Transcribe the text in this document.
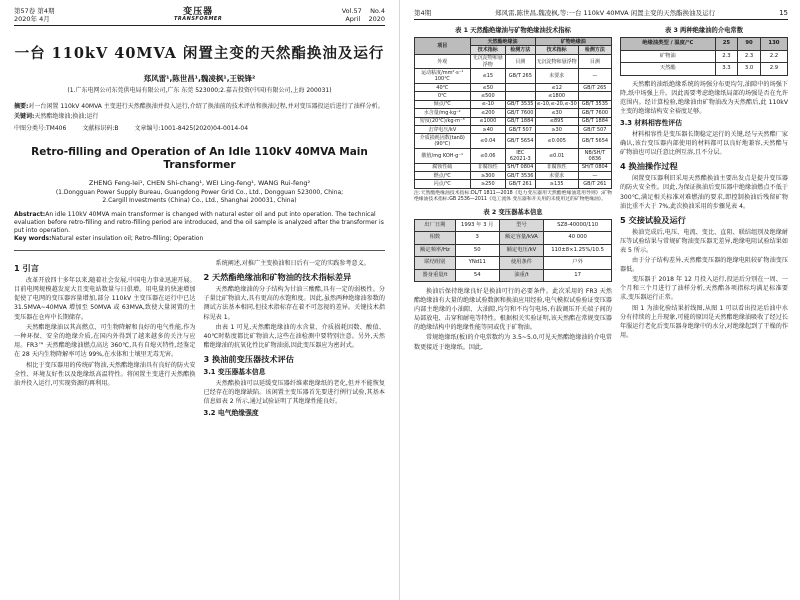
第57卷 第4期
2020年 4月
变压器
TRANSFORMER
Vol.57 No.4
April 2020
一台 110kV 40MVA 闲置主变的天然酯换油及运行
郑风雷¹,陈世昌¹,魏凌枫¹,王锐锋²
(1.广东电网公司东莞供电局有限公司,广东 东莞 523000;2.嘉吉投资(中国)有限公司,上海 200031)
摘要:对一台闲置 110kV 40MVA 主变进行天然酯换油并投入运行,介绍了换油前的技术评估和换油过程,并对变压器投运后进行了油样分析。
关键词:天然酯绝缘油;换油;运行
中图分类号:TM406	文献标识码:B	文章编号:1001-8425(2020)04-0014-04
Retro-filling and Operation of An Idle 110kV 40MVA Main Transformer
ZHENG Feng-lei¹, CHEN Shi-chang¹, WEI Ling-feng¹, WANG Rui-feng²
(1.Dongguan Power Supply Bureau, Guangdong Power Grid Co., Ltd., Dongguan 523000, China;
2.Cargill Investments (China) Co., Ltd., Shanghai 200031, China)
Abstract:An idle 110kV 40MVA main transformer is changed with natural ester oil and put into operation. The technical evaluation before retro-filling and retro-filling period are introduced, and the oil sample is analyzed after the transformer is put into operation.
Key words:Natural ester insulation oil; Retro-filling; Operation
1 引言

改革开放四十多年以来,随着社会发展,中国电力事业迅速开展。目前电网规模越发庞大且变电站数量与日俱增。用电量的快速增加促使了电网的变压器容量增加,部分 110kV 主变压器在运行中已达 31.5MVA~40MVA 增加至 50MVA 或 63MVA,致使大量闲置的主变压器在仓库中长期储存。

天然酯绝缘油以其高燃点、可生物降解和良好的电气性能,作为一种环保、安全的绝缘介质,在国内外得到了越来越多的关注与应用。FR3™ 天然酯绝缘油燃点高达 360℃,具有自熄灭特性,经鉴定在 28 天内生物降解率可达 99%,在水体和土壤里无毒无害。

相比于变压器用的传统矿物油,天然酯绝缘油具有良好的防火安全性、环境友好性以及绝缘纸高温特性。将闲置主变进行天然酯换油并投入运行,可实现资源的再利用。

系统阐述,对推广主变换油和日后有一定的实践参考意义。

2 天然酯绝缘油和矿物油的技术指标差异

天然酯绝缘油的分子结构为甘油三酸酯,具有一定的弱极性。分子量比矿物油大,具有更高的水饱和度。因此,虽然两种绝缘油参数的测试方法基本相同,但技术指标存在着不可忽视的差异。关键技术指标见表 1。

由表 1 可见,天然酯绝缘油的水含量、介质损耗因数、酸值、40℃时粘度都比矿物油大,这些在油检测中要特别注意。另外,天然酯绝缘油的抗氧化性比矿物油弱,因此变压器应为密封式。

3 换油前变压器技术评估
3.1 变压器基本信息

天然酯换油可以延缓变压器纤维素绝缘纸的老化,但并不能恢复已经存在的绝缘缺陷。该闲置主变压器首先要进行例行试验,其基本信息如表 2 所示,通过试验证明了其绝缘性能良好。

3.2 电气绝缘强度
第4期	郑风雷,陈世昌,魏凌枫,等:一台 110kV 40MVA 闲置主变的天然酯换油及运行	15
表 1 天然酯绝缘油与矿物绝缘油技术指标
项目	天然酯绝缘油		矿物绝缘油	
	技术指标	检测方法	技术指标	检测方法
外观	无沉淀物和悬浮物	目测	无沉淀物和悬浮物	目测
运动粘度/mm²·s⁻¹ 100℃	≤15	GB/T 265	未要求	—
40℃	≤50		≤12	GB/T 265
0℃	≤500		≤1800	
倾点/℃	≤-10	GB/T 3535	≤-10,≤-20,≤-30	GB/T 3535
水含量/mg·kg⁻¹	≤200	GB/T 7600	≤30	GB/T 7600
密度(20℃)/kg·m⁻³	≤1000	GB/T 1884	≤895	GB/T 1884
击穿电压/kV	≥40	GB/T 507	≥30	GB/T 507
介质损耗因数(tanδ)(90℃)	≤0.04	GB/T 5654	≤0.005	GB/T 5654
酸值/mg KOH·g⁻¹	≤0.06	IEC 62021-3	≤0.01	NB/SH/T 0836
腐蚀性硫	非腐蚀性	SH/T 0804	非腐蚀性	SH/T 0804
燃点/℃	≥300	GB/T 3536	未要求	—
闪点/℃	≥250	GB/T 261	≥135	GB/T 261
注:天然酯绝缘油技术指标:DL/T 1811—2018《电力变压器用天然酯绝缘油选用导则》;矿物绝缘油技术指标:GB 2536—2011《电工流体 变压器和开关用的未使用过的矿物绝缘油》。
表 2 变压器基本信息
出厂日期	1993 年 3 月	型号	SZ8-40000/110
相数	3	额定容量/kVA	40 000
额定频率/Hz	50	额定电压/kV	110±8×1.25%/10.5
联结组别	YNd11	使用条件	户外
器身重量/t	54	油重/t	17

换油后保持绝缘良好是换油可行的必要条件。此次采用的 FR3 天然酯绝缘油有大量的绝缘试验数据和换油应用经验,电气模拟试验验证变压器内部主绝缘的小油隙、大油隙,均匀和不均匀电场,有载调压开关端子间的局部放电、击穿和耐电等特性。根据相关实验证明,该天然酯在常规变压器的绝缘结构中的绝缘性能等同或优于矿物油。

常规绝缘纸(板)的介电常数约为 3.5~5.0,可见天然酯绝缘油的介电常数更接近于绝缘纸。因此,

表 3 两种绝缘油的介电常数
绝缘油类型 / 温度/℃	25	90	130
矿物油	2.3	2.3	2.2
天然酯	3.3	3.0	2.9

天然酯的油纸绝缘系统的场强分布更均匀,油隙中的场强下降,纸中场强上升。因此需要考虑绝缘纸局部的场强是否在允许范围内。经计算检验,绝缘油由矿物油改为天然酯后,此 110kV 主变的绝缘结构安全裕度足够。

3.3 材料相容性评估

材料相容性是变压器长期稳定运行的关键,经与天然酯厂家确认,该台变压器内部使用的材料都可以良好地兼容,天然酯与矿物油也可以任意比例互溶,且不分层。

4 换油操作过程

闲置变压器利旧采用天然酯换油主要出发点是提升变压器的防火安全性。因此,为保证换油后变压器中绝缘油燃点不低于 300℃,满足相关标准对难燃油的要求,即控制换油后残留矿物油比重不大于 7%,此次换油采用的步骤见表 4。

5 交接试验及运行

换油完成后,电压、电流、变比、直阻、联结组别及绝缘耐压等试验结果与常规矿物油变压器无差异,绝缘电阻试验结果如表 5 所示。

由于分子结构差异,天然酯变压器的绝缘电阻较矿物油变压器低。

变压器于 2018 年 12 月投入运行,投运后分别在一周、一个月和三个月进行了油样分析,天然酯各项指标均满足标准要求,变压器运行正常。

图 1 为油化验结果折线图,从图 1 可以看出投运后油中水分有持续的上升现象,可能的原因是天然酯绝缘油吸收了经过长年服运行老化后变压器身绝缘中的水分,对绝缘起到了干燥的作用。
